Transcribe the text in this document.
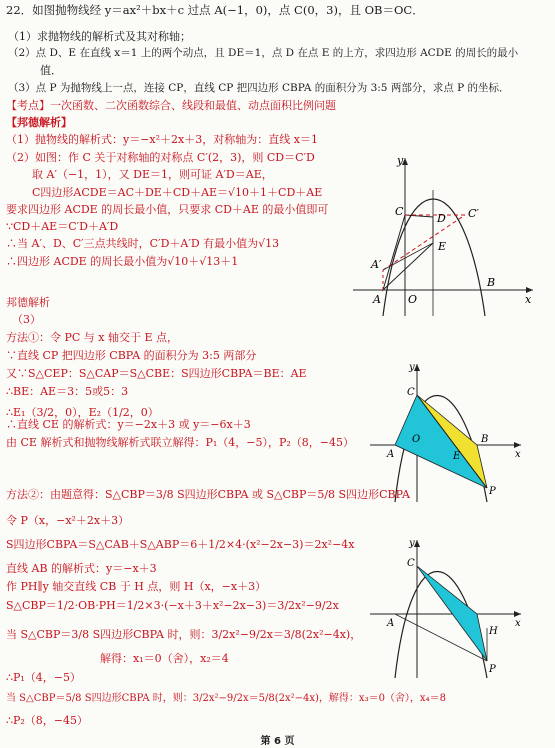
22．如图抛物线经 y＝ax²＋bx＋c 过点 A(−1，0)，点 C(0，3)，且 OB＝OC．
（1）求抛物线的解析式及其对称轴；
（2）点 D、E 在直线 x＝1 上的两个动点，且 DE＝1，点 D 在点 E 的上方，求四边形 ACDE 的周长的最小
值．
（3）点 P 为抛物线上一点，连接 CP，直线 CP 把四边形 CBPA 的面积分为 3:5 两部分，求点 P 的坐标．
【考点】一次函数、二次函数综合、线段和最值、动点面积比例问题
【邦德解析】
（1）抛物线的解析式：y＝−x²＋2x＋3，对称轴为：直线 x＝1
（2）如图：作 C 关于对称轴的对称点 C′(2，3)，则 CD＝C′D
取 A′（−1，1），又 DE＝1，则可证 A′D＝AE，
C四边形ACDE＝AC＋DE＋CD＋AE＝√10＋1＋CD＋AE
要求四边形 ACDE 的周长最小值，只要求 CD＋AE 的最小值即可
∵CD＋AE＝C′D＋A′D
∴当 A′、D、C′三点共线时，C′D＋A′D 有最小值为√13
∴四边形 ACDE 的周长最小值为√10＋√13＋1
邦德解析
（3）
方法①：令 PC 与 x 轴交于 E 点，
∵直线 CP 把四边形 CBPA 的面积分为 3:5 两部分
又∵S△CEP：S△CAP＝S△CBE：S四边形CBPA＝BE：AE
∴BE：AE＝3：5或5：3
∴E₁（3/2，0），E₂（1/2，0）
∴直线 CE 的解析式：y＝−2x＋3 或 y＝−6x＋3
由 CE 解析式和抛物线解析式联立解得：P₁（4，−5），P₂（8，−45）
方法②：由题意得：S△CBP＝3/8 S四边形CBPA 或 S△CBP＝5/8 S四边形CBPA
令 P（x，−x²＋2x＋3）
S四边形CBPA＝S△CAB＋S△ABP＝6＋1/2×4·(x²−2x−3)＝2x²−4x
直线 AB 的解析式：y＝−x＋3
作 PH∥y 轴交直线 CB 于 H 点，则 H（x，−x＋3）
S△CBP＝1/2·OB·PH＝1/2×3·(−x＋3＋x²−2x−3)＝3/2x²−9/2x
当 S△CBP＝3/8 S四边形CBPA 时，则：3/2x²−9/2x＝3/8(2x²−4x)，
解得：x₁＝0（舍），x₂＝4
∴P₁（4，−5）
当 S△CBP＝5/8 S四边形CBPA 时，则：3/2x²−9/2x＝5/8(2x²−4x)，解得：x₃＝0（舍），x₄＝8
∴P₂（8，−45）
y
x
O
A
B
C	C′
D
E
A′
y
x
O
A
B
C
E
P
y
x
A
C
H
P
第 6 页
